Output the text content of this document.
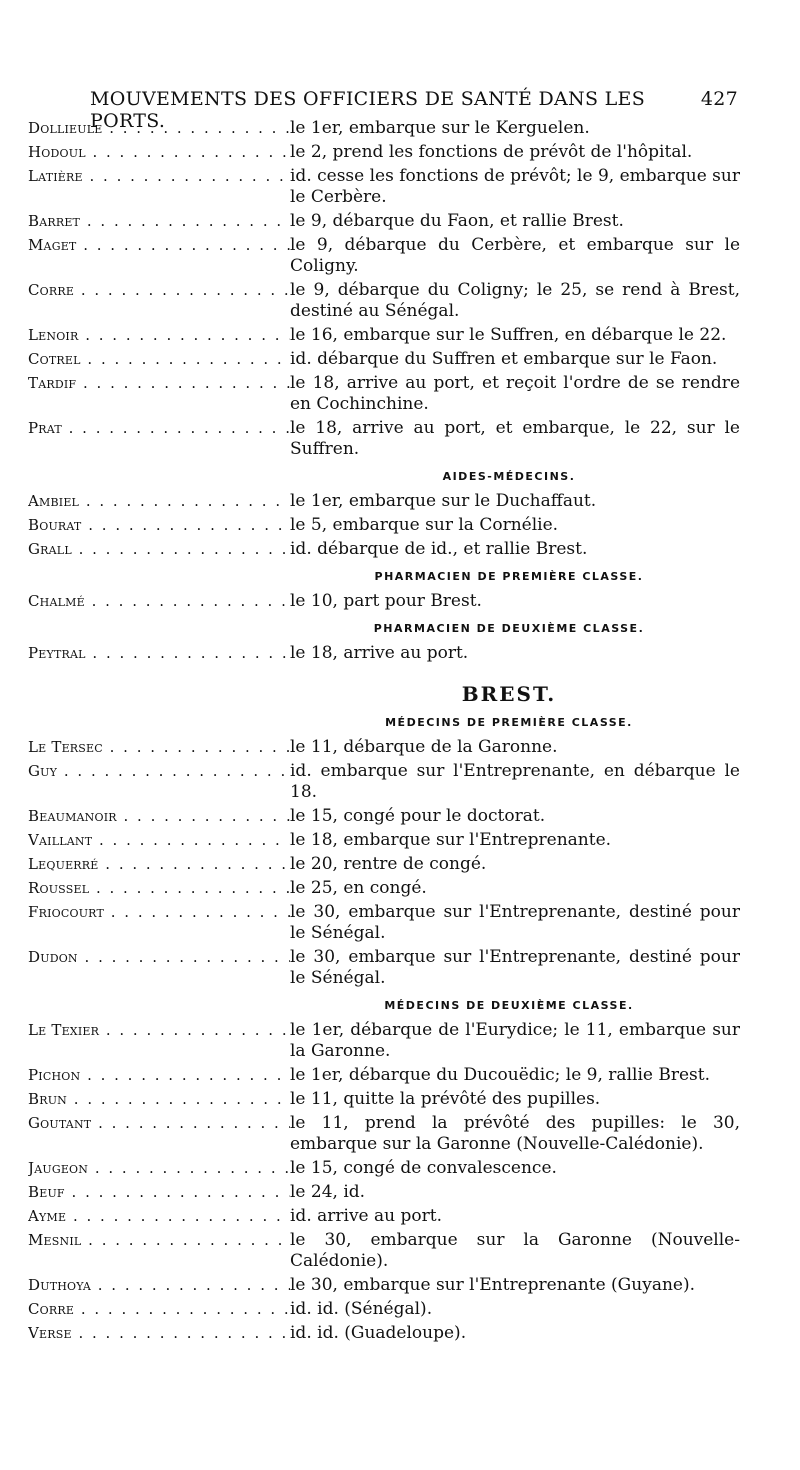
MOUVEMENTS DES OFFICIERS DE SANTÉ DANS LES PORTS.
427
Dollieule . . .	le 1er, embarque sur le Kerguelen.
Hodoul . . .	le 2, prend les fonctions de prévôt de l'hôpital.
Latière . . .	id. cesse les fonctions de prévôt; le 9, embarque sur le Cerbère.
Barret . . .	le 9, débarque du Faon, et rallie Brest.
Maget . . .	le 9, débarque du Cerbère, et embarque sur le Coligny.
Corre . . .	le 9, débarque du Coligny; le 25, se rend à Brest, destiné au Sénégal.
Lenoir . . .	le 16, embarque sur le Suffren, en débarque le 22.
Cotrel . . .	id. débarque du Suffren et embarque sur le Faon.
Tardif . . .	le 18, arrive au port, et reçoit l'ordre de se rendre en Cochinchine.
Prat . . .	le 18, arrive au port, et embarque, le 22, sur le Suffren.
AIDES-MÉDECINS.
Ambiel . . .	le 1er, embarque sur le Duchaffaut.
Bourat . . .	le 5, embarque sur la Cornélie.
Grall . . .	id. débarque de id., et rallie Brest.
PHARMACIEN DE PREMIÈRE CLASSE.
Chalmé . . .	le 10, part pour Brest.
PHARMACIEN DE DEUXIÈME CLASSE.
Peytral . . .	le 18, arrive au port.
BREST.
MÉDECINS DE PREMIÈRE CLASSE.
Le Tersec . . .	le 11, débarque de la Garonne.
Guy . . .	id. embarque sur l'Entreprenante, en débarque le 18.
Beaumanoir . . .	le 15, congé pour le doctorat.
Vaillant . . .	le 18, embarque sur l'Entreprenante.
Lequerré . . .	le 20, rentre de congé.
Roussel . . .	le 25, en congé.
Friocourt . . .	le 30, embarque sur l'Entreprenante, destiné pour le Sénégal.
Dudon . . .	le 30, embarque sur l'Entreprenante, destiné pour le Sénégal.
MÉDECINS DE DEUXIÈME CLASSE.
Le Texier . . .	le 1er, débarque de l'Eurydice; le 11, embarque sur la Garonne.
Pichon . . .	le 1er, débarque du Ducouëdic; le 9, rallie Brest.
Brun . . .	le 11, quitte la prévôté des pupilles.
Goutant . . .	le 11, prend la prévôté des pupilles: le 30, embarque sur la Garonne (Nouvelle-Calédonie).
Jaugeon . . .	le 15, congé de convalescence.
Beuf . . .	le 24, id.
Ayme . . .	id. arrive au port.
Mesnil . . .	le 30, embarque sur la Garonne (Nouvelle-Calédonie).
Duthoya . . .	le 30, embarque sur l'Entreprenante (Guyane).
Corre . . .	id. id. (Sénégal).
Verse . . .	id. id. (Guadeloupe).
